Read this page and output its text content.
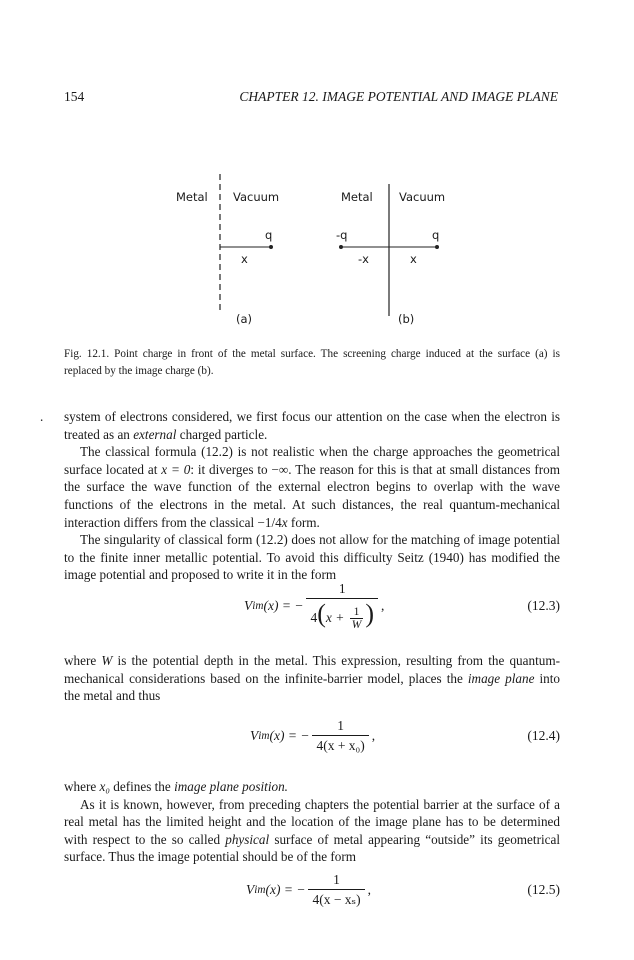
154	CHAPTER 12. IMAGE POTENTIAL AND IMAGE PLANE
Metal Vacuum
q
x
(a)
Metal Vacuum
-q	q
-x	x
(b)
Fig. 12.1. Point charge in front of the metal surface. The screening charge induced at the surface (a) is replaced by the image charge (b).
. system of electrons considered, we first focus our attention on the case when the electron is treated as an external charged particle.

The classical formula (12.2) is not realistic when the charge approaches the geometrical surface located at x = 0: it diverges to −∞. The reason for this is that at small distances from the surface the wave function of the external electron begins to overlap with the wave functions of the electrons in the metal. At such distances, the real quantum-mechanical interaction differs from the classical −1/4x form.

The singularity of classical form (12.2) does not allow for the matching of image potential to the finite inner metallic potential. To avoid this difficulty Seitz (1940) has modified the image potential and proposed to write it in the form

V im (x) = − $\frac{1}{4(x + \frac{1}{W} )}$ ,	(12.3)

where W is the potential depth in the metal. This expression, resulting from the quantum-mechanical considerations based on the infinite-barrier model, places the image plane into the metal and thus

V im (x) = − $\frac{1}{\text{4(x + x₀)}}$ ,	(12.4)

where x₀ defines the image plane position.

As it is known, however, from preceding chapters the potential barrier at the surface of a real metal has the limited height and the location of the image plane has to be determined with respect to the so called physical surface of metal appearing “outside” its geometrical surface. Thus the image potential should be of the form

V im (x) = − $\frac{1}{\text{4(x − xₛ)}}$ ,	(12.5)
